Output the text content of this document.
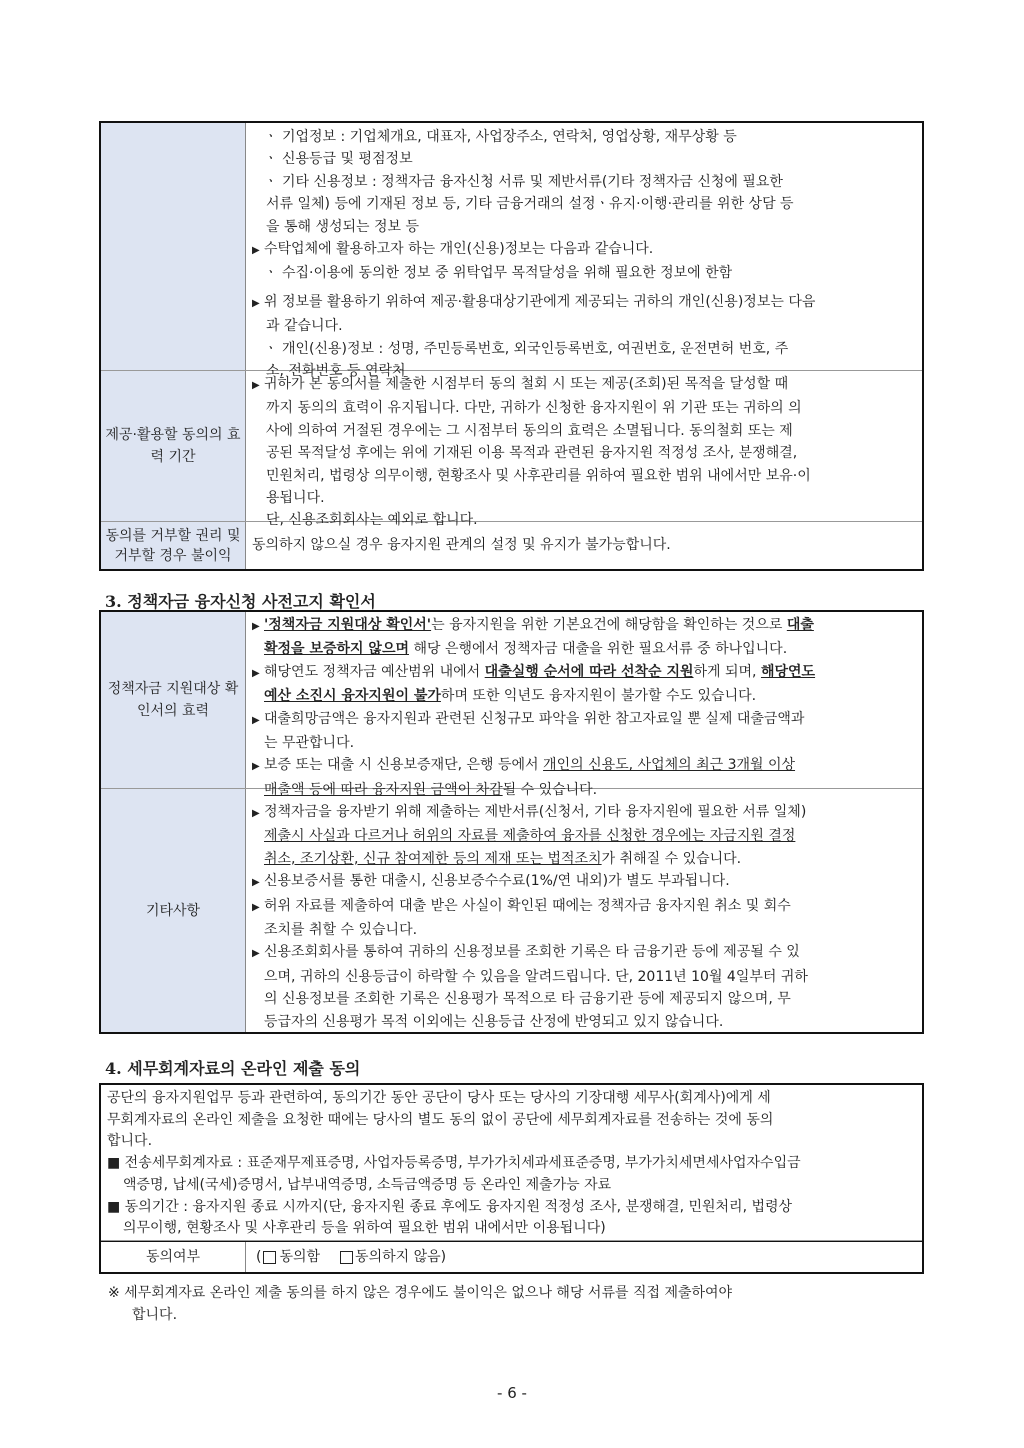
ㆍ 기업정보 : 기업체개요, 대표자, 사업장주소, 연락처, 영업상황, 재무상황 등
ㆍ 신용등급 및 평점정보
ㆍ 기타 신용정보 : 정책자금 융자신청 서류 및 제반서류(기타 정책자금 신청에 필요한
서류 일체) 등에 기재된 정보 등, 기타 금융거래의 설정ㆍ유지·이행·관리를 위한 상담 등
을 통해 생성되는 정보 등
▶ 수탁업체에 활용하고자 하는 개인(신용)정보는 다음과 같습니다.
ㆍ 수집·이용에 동의한 정보 중 위탁업무 목적달성을 위해 필요한 정보에 한함
▶ 위 정보를 활용하기 위하여 제공·활용대상기관에게 제공되는 귀하의 개인(신용)정보는 다음
과 같습니다.
ㆍ 개인(신용)정보 : 성명, 주민등록번호, 외국인등록번호, 여권번호, 운전면허 번호, 주
소, 전화번호 등 연락처
제공·활용할 동의의 효력 기간
▶ 귀하가 본 동의서를 제출한 시점부터 동의 철회 시 또는 제공(조회)된 목적을 달성할 때
까지 동의의 효력이 유지됩니다. 다만, 귀하가 신청한 융자지원이 위 기관 또는 귀하의 의
사에 의하여 거절된 경우에는 그 시점부터 동의의 효력은 소멸됩니다. 동의철회 또는 제
공된 목적달성 후에는 위에 기재된 이용 목적과 관련된 융자지원 적정성 조사, 분쟁해결,
민원처리, 법령상 의무이행, 현황조사 및 사후관리를 위하여 필요한 범위 내에서만 보유·이
용됩니다.
단, 신용조회회사는 예외로 합니다.
동의를 거부할 권리 및 거부할 경우 불이익
동의하지 않으실 경우 융자지원 관계의 설정 및 유지가 불가능합니다.
3. 정책자금 융자신청 사전고지 확인서
정책자금 지원대상 확인서의 효력
▶ '정책자금 지원대상 확인서'는 융자지원을 위한 기본요건에 해당함을 확인하는 것으로 대출
확정을 보증하지 않으며 해당 은행에서 정책자금 대출을 위한 필요서류 중 하나입니다.
▶ 해당연도 정책자금 예산범위 내에서 대출실행 순서에 따라 선착순 지원하게 되며, 해당연도
예산 소진시 융자지원이 불가하며 또한 익년도 융자지원이 불가할 수도 있습니다.
▶ 대출희망금액은 융자지원과 관련된 신청규모 파악을 위한 참고자료일 뿐 실제 대출금액과
는 무관합니다.
▶ 보증 또는 대출 시 신용보증재단, 은행 등에서 개인의 신용도, 사업체의 최근 3개월 이상
매출액 등에 따라 융자지원 금액이 차감될 수 있습니다.
기타사항
▶ 정책자금을 융자받기 위해 제출하는 제반서류(신청서, 기타 융자지원에 필요한 서류 일체)
제출시 사실과 다르거나 허위의 자료를 제출하여 융자를 신청한 경우에는 자금지원 결정
취소, 조기상환, 신규 참여제한 등의 제재 또는 법적조치가 취해질 수 있습니다.
▶ 신용보증서를 통한 대출시, 신용보증수수료(1%/연 내외)가 별도 부과됩니다.
▶ 허위 자료를 제출하여 대출 받은 사실이 확인된 때에는 정책자금 융자지원 취소 및 회수
조치를 취할 수 있습니다.
▶ 신용조회회사를 통하여 귀하의 신용정보를 조회한 기록은 타 금융기관 등에 제공될 수 있
으며, 귀하의 신용등급이 하락할 수 있음을 알려드립니다. 단, 2011년 10월 4일부터 귀하
의 신용정보를 조회한 기록은 신용평가 목적으로 타 금융기관 등에 제공되지 않으며, 무
등급자의 신용평가 목적 이외에는 신용등급 산정에 반영되고 있지 않습니다.
4. 세무회계자료의 온라인 제출 동의
공단의 융자지원업무 등과 관련하여, 동의기간 동안 공단이 당사 또는 당사의 기장대행 세무사(회계사)에게 세
무회계자료의 온라인 제출을 요청한 때에는 당사의 별도 동의 없이 공단에 세무회계자료를 전송하는 것에 동의
합니다.
■ 전송세무회계자료 : 표준재무제표증명, 사업자등록증명, 부가가치세과세표준증명, 부가가치세면세사업자수입금
액증명, 납세(국세)증명서, 납부내역증명, 소득금액증명 등 온라인 제출가능 자료
■ 동의기간 : 융자지원 종료 시까지(단, 융자지원 종료 후에도 융자지원 적정성 조사, 분쟁해결, 민원처리, 법령상
의무이행, 현황조사 및 사후관리 등을 위하여 필요한 범위 내에서만 이용됩니다)
동의여부	( 동의함	동의하지 않음)
※ 세무회계자료 온라인 제출 동의를 하지 않은 경우에도 불이익은 없으나 해당 서류를 직접 제출하여야
합니다.
- 6 -
